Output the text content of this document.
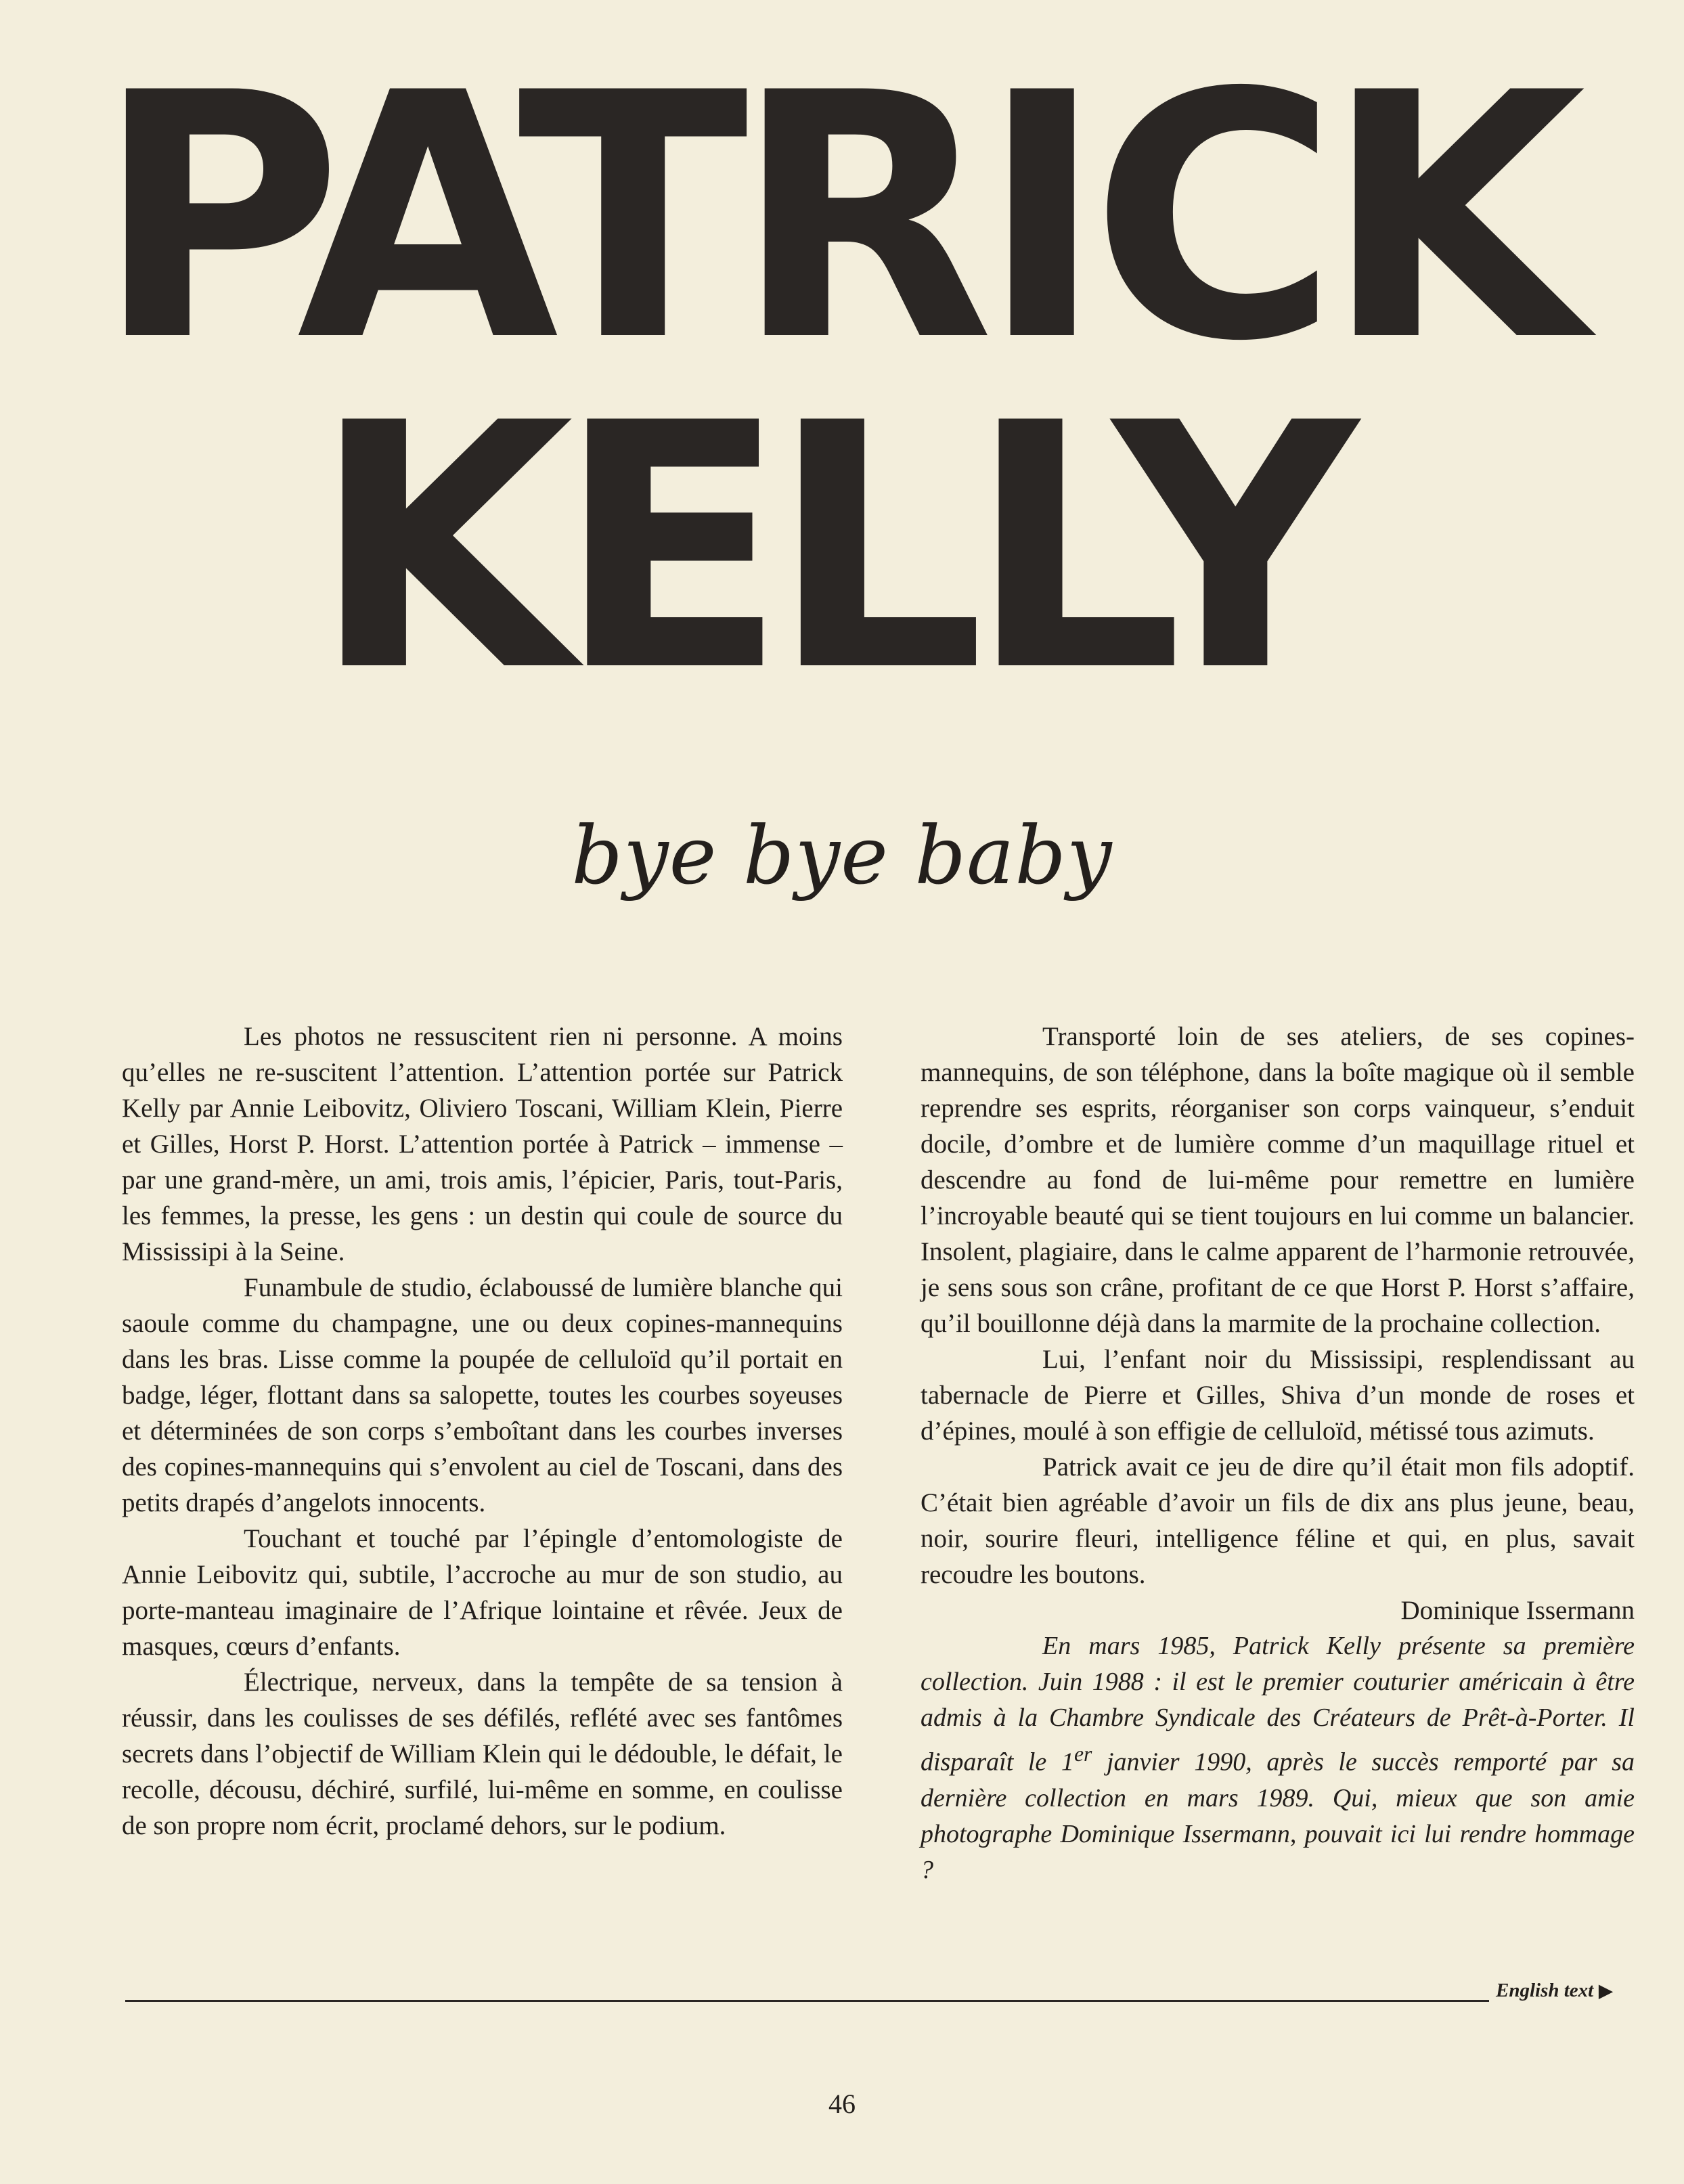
PATRICK
KELLY
bye bye baby

Les photos ne ressuscitent rien ni personne. A moins qu’elles ne re-suscitent l’attention. L’attention portée sur Patrick Kelly par Annie Leibovitz, Oliviero Toscani, William Klein, Pierre et Gilles, Horst P. Horst. L’attention portée à Patrick – immense – par une grand-mère, un ami, trois amis, l’épicier, Paris, tout-Paris, les femmes, la presse, les gens : un destin qui coule de source du Mississipi à la Seine.

Funambule de studio, éclaboussé de lumière blanche qui saoule comme du champagne, une ou deux copines-mannequins dans les bras. Lisse comme la poupée de celluloïd qu’il portait en badge, léger, flottant dans sa salopette, toutes les courbes soyeuses et déterminées de son corps s’emboîtant dans les courbes inverses des copines-mannequins qui s’envolent au ciel de Toscani, dans des petits drapés d’angelots innocents.

Touchant et touché par l’épingle d’entomologiste de Annie Leibovitz qui, subtile, l’accroche au mur de son studio, au porte-manteau imaginaire de l’Afrique lointaine et rêvée. Jeux de masques, cœurs d’enfants.

Électrique, nerveux, dans la tempête de sa tension à réussir, dans les coulisses de ses défilés, reflété avec ses fantômes secrets dans l’objectif de William Klein qui le dédouble, le défait, le recolle, décousu, déchiré, surfilé, lui-même en somme, en coulisse de son propre nom écrit, proclamé dehors, sur le podium.

Transporté loin de ses ateliers, de ses copines-mannequins, de son téléphone, dans la boîte magique où il semble reprendre ses esprits, réorganiser son corps vainqueur, s’enduit docile, d’ombre et de lumière comme d’un maquillage rituel et descendre au fond de lui-même pour remettre en lumière l’incroyable beauté qui se tient toujours en lui comme un balancier. Insolent, plagiaire, dans le calme apparent de l’harmonie retrouvée, je sens sous son crâne, profitant de ce que Horst P. Horst s’affaire, qu’il bouillonne déjà dans la marmite de la prochaine collection.

Lui, l’enfant noir du Mississipi, resplendissant au tabernacle de Pierre et Gilles, Shiva d’un monde de roses et d’épines, moulé à son effigie de celluloïd, métissé tous azimuts.

Patrick avait ce jeu de dire qu’il était mon fils adoptif. C’était bien agréable d’avoir un fils de dix ans plus jeune, beau, noir, sourire fleuri, intelligence féline et qui, en plus, savait recoudre les boutons.

Dominique Issermann

En mars 1985, Patrick Kelly présente sa première collection. Juin 1988 : il est le premier couturier américain à être admis à la Chambre Syndicale des Créateurs de Prêt-à-Porter. Il disparaît le 1er janvier 1990, après le succès remporté par sa dernière collection en mars 1989. Qui, mieux que son amie photographe Dominique Issermann, pouvait ici lui rendre hommage ?

English text ▶
46
